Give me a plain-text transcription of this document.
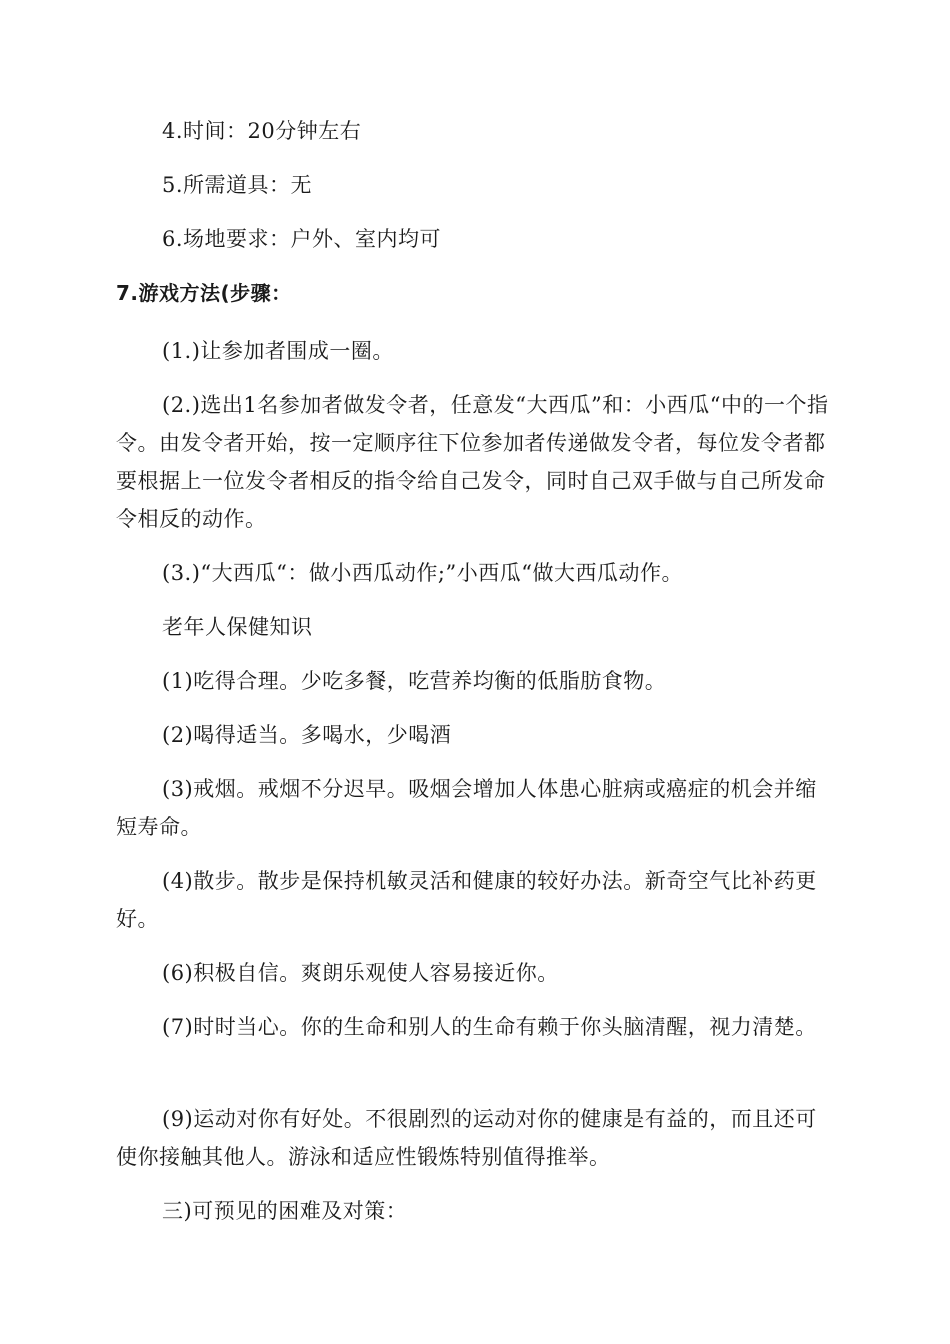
4.时间：20分钟左右

5.所需道具：无

6.场地要求：户外、室内均可

7.游戏方法(步骤：

(1.)让参加者围成一圈。

(2.)选出1名参加者做发令者，任意发“大西瓜”和：小西瓜“中的一个指令。由发令者开始，按一定顺序往下位参加者传递做发令者，每位发令者都要根据上一位发令者相反的指令给自己发令，同时自己双手做与自己所发命令相反的动作。

(3.)“大西瓜“：做小西瓜动作;”小西瓜“做大西瓜动作。

老年人保健知识

(1)吃得合理。少吃多餐，吃营养均衡的低脂肪食物。

(2)喝得适当。多喝水，少喝酒

(3)戒烟。戒烟不分迟早。吸烟会增加人体患心脏病或癌症的机会并缩短寿命。

(4)散步。散步是保持机敏灵活和健康的较好办法。新奇空气比补药更好。

(6)积极自信。爽朗乐观使人容易接近你。

(7)时时当心。你的生命和别人的生命有赖于你头脑清醒，视力清楚。

(9)运动对你有好处。不很剧烈的运动对你的健康是有益的，而且还可使你接触其他人。游泳和适应性锻炼特别值得推举。

三)可预见的困难及对策：
